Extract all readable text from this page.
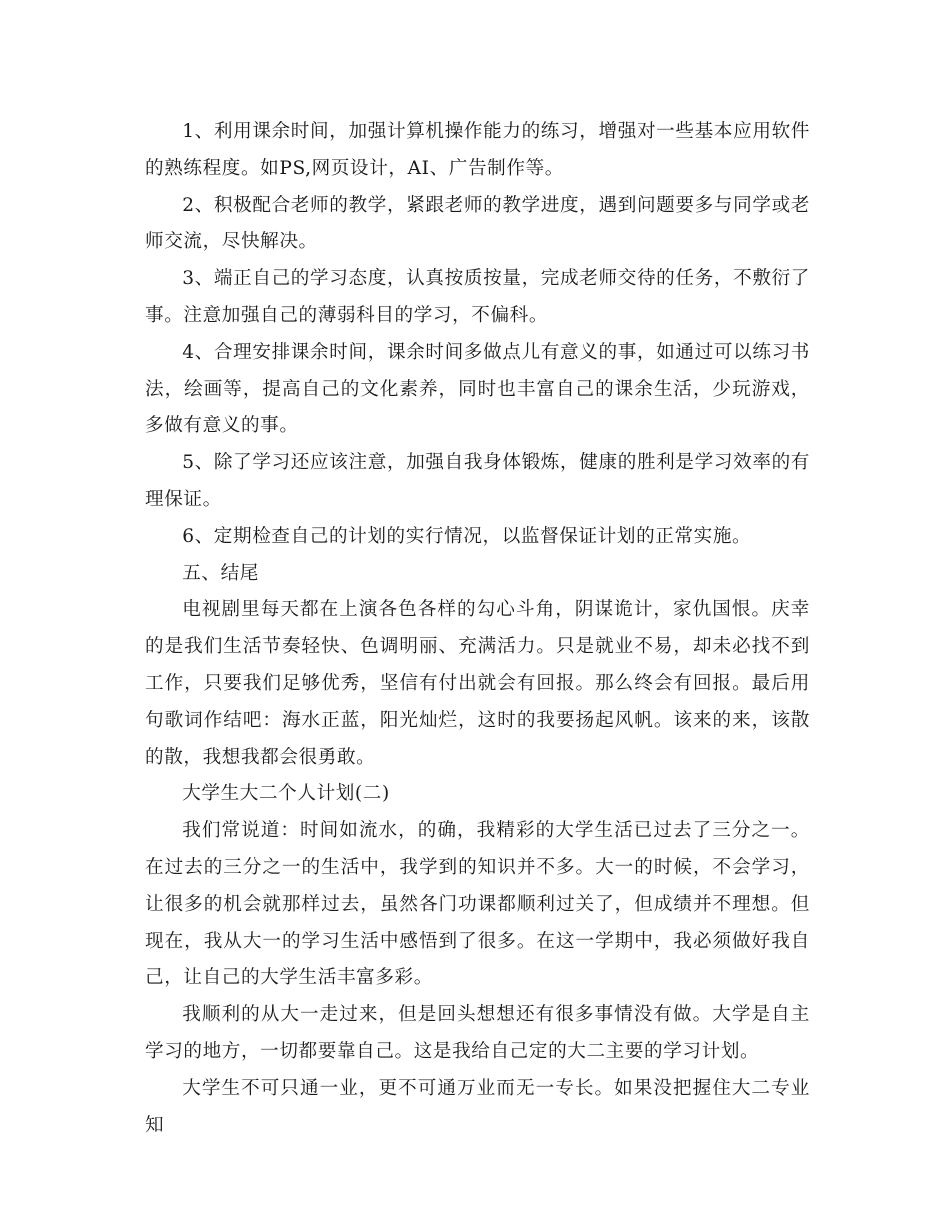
1、利用课余时间，加强计算机操作能力的练习，增强对一些基本应用软件的熟练程度。如PS,网页设计，AI、广告制作等。

2、积极配合老师的教学，紧跟老师的教学进度，遇到问题要多与同学或老师交流，尽快解决。

3、端正自己的学习态度，认真按质按量，完成老师交待的任务，不敷衍了事。注意加强自己的薄弱科目的学习，不偏科。

4、合理安排课余时间，课余时间多做点儿有意义的事，如通过可以练习书法，绘画等，提高自己的文化素养，同时也丰富自己的课余生活，少玩游戏，多做有意义的事。

5、除了学习还应该注意，加强自我身体锻炼，健康的胜利是学习效率的有理保证。

6、定期检查自己的计划的实行情况，以监督保证计划的正常实施。

五、结尾

电视剧里每天都在上演各色各样的勾心斗角，阴谋诡计，家仇国恨。庆幸的是我们生活节奏轻快、色调明丽、充满活力。只是就业不易，却未必找不到工作，只要我们足够优秀，坚信有付出就会有回报。那么终会有回报。最后用句歌词作结吧：海水正蓝，阳光灿烂，这时的我要扬起风帆。该来的来，该散的散，我想我都会很勇敢。

大学生大二个人计划(二)

我们常说道：时间如流水，的确，我精彩的大学生活已过去了三分之一。在过去的三分之一的生活中，我学到的知识并不多。大一的时候，不会学习，让很多的机会就那样过去，虽然各门功课都顺利过关了，但成绩并不理想。但现在，我从大一的学习生活中感悟到了很多。在这一学期中，我必须做好我自己，让自己的大学生活丰富多彩。

我顺利的从大一走过来，但是回头想想还有很多事情没有做。大学是自主学习的地方，一切都要靠自己。这是我给自己定的大二主要的学习计划。

大学生不可只通一业，更不可通万业而无一专长。如果没把握住大二专业知
